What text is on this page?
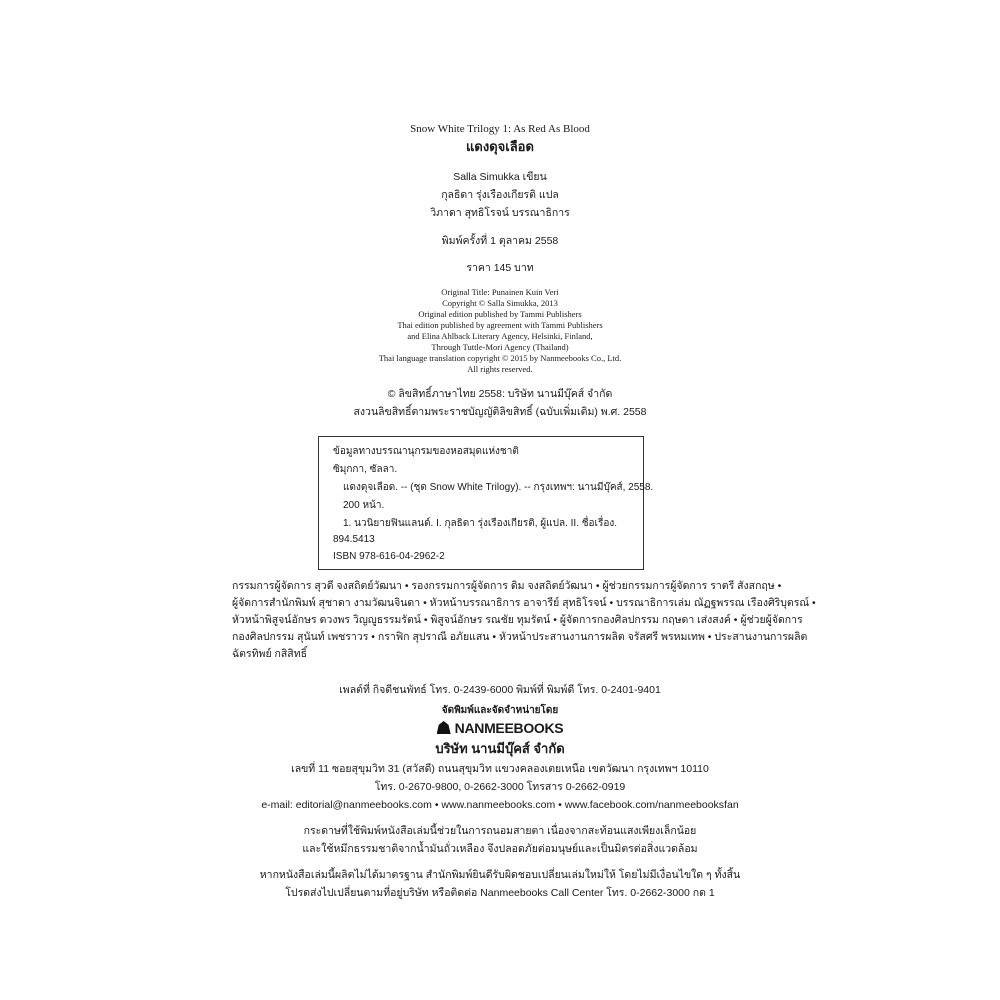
Snow White Trilogy 1: As Red As Blood
แดงดุจเลือด
Salla Simukka เขียน
กุลธิดา รุ่งเรืองเกียรติ แปล
วิภาดา สุทธิโรจน์ บรรณาธิการ
พิมพ์ครั้งที่ 1 ตุลาคม 2558
ราคา 145 บาท
Original Title: Punainen Kuin Veri
Copyright © Salla Simukka, 2013
Original edition published by Tammi Publishers
Thai edition published by agreement with Tammi Publishers
and Elina Ahlback Literary Agency, Helsinki, Finland,
Through Tuttle-Mori Agency (Thailand)
Thai language translation copyright © 2015 by Nanmeebooks Co., Ltd.
All rights reserved.
© ลิขสิทธิ์ภาษาไทย 2558: บริษัท นานมีบุ๊คส์ จำกัด
สงวนลิขสิทธิ์ตามพระราชบัญญัติลิขสิทธิ์ (ฉบับเพิ่มเติม) พ.ศ. 2558
ข้อมูลทางบรรณานุกรมของหอสมุดแห่งชาติ
ซิมุกกา, ซัลลา.
แดงดุจเลือด. -- (ชุด Snow White Trilogy). -- กรุงเทพฯ: นานมีบุ๊คส์, 2558.
200 หน้า.
1. นวนิยายฟินแลนด์. I. กุลธิดา รุ่งเรืองเกียรติ, ผู้แปล. II. ชื่อเรื่อง.
894.5413
ISBN 978-616-04-2962-2
กรรมการผู้จัดการ สุวดี จงสถิตย์วัฒนา • รองกรรมการผู้จัดการ ดิม จงสถิตย์วัฒนา • ผู้ช่วยกรรมการผู้จัดการ ราตรี สังสกฤษ •
ผู้จัดการสำนักพิมพ์ สุชาดา งามวัฒนจินดา • หัวหน้าบรรณาธิการ อาจารีย์ สุทธิโรจน์ • บรรณาธิการเล่ม ณัฏฐพรรณ เรืองศิริบุตรณ์ •
หัวหน้าพิสูจน์อักษร ดวงพร วิญญูธรรมรัตน์ • พิสูจน์อักษร รณชัย ทุมรัตน์ • ผู้จัดการกองศิลปกรรม กฤษดา เส่งสงค์ • ผู้ช่วยผู้จัดการ
กองศิลปกรรม สุนันท์ เพชราวร • กราฟิก สุปราณี อภัยแสน • หัวหน้าประสานงานการผลิต จรัสศรี พรหมเทพ • ประสานงานการผลิต
ฉัตรทิพย์ กสิสิทธิ์
เพลต์ที่ กิจดีชนพัทธ์ โทร. 0-2439-6000 พิมพ์ที่ พิมพ์ดี โทร. 0-2401-9401
จัดพิมพ์และจัดจำหน่ายโดย
NANMEEBOOKS
บริษัท นานมีบุ๊คส์ จำกัด
เลขที่ 11 ซอยสุขุมวิท 31 (สวัสดี) ถนนสุขุมวิท แขวงคลองเตยเหนือ เขตวัฒนา กรุงเทพฯ 10110
โทร. 0-2670-9800, 0-2662-3000 โทรสาร 0-2662-0919
e-mail: editorial@nanmeebooks.com • www.nanmeebooks.com • www.facebook.com/nanmeebooksfan
กระดาษที่ใช้พิมพ์หนังสือเล่มนี้ช่วยในการถนอมสายตา เนื่องจากสะท้อนแสงเพียงเล็กน้อย
และใช้หมึกธรรมชาติจากน้ำมันถั่วเหลือง จึงปลอดภัยต่อมนุษย์และเป็นมิตรต่อสิ่งแวดล้อม
หากหนังสือเล่มนี้ผลิตไม่ได้มาตรฐาน สำนักพิมพ์ยินดีรับผิดชอบเปลี่ยนเล่มใหม่ให้ โดยไม่มีเงื่อนไขใด ๆ ทั้งสิ้น
โปรดส่งไปเปลี่ยนตามที่อยู่บริษัท หรือติดต่อ Nanmeebooks Call Center โทร. 0-2662-3000 กด 1
